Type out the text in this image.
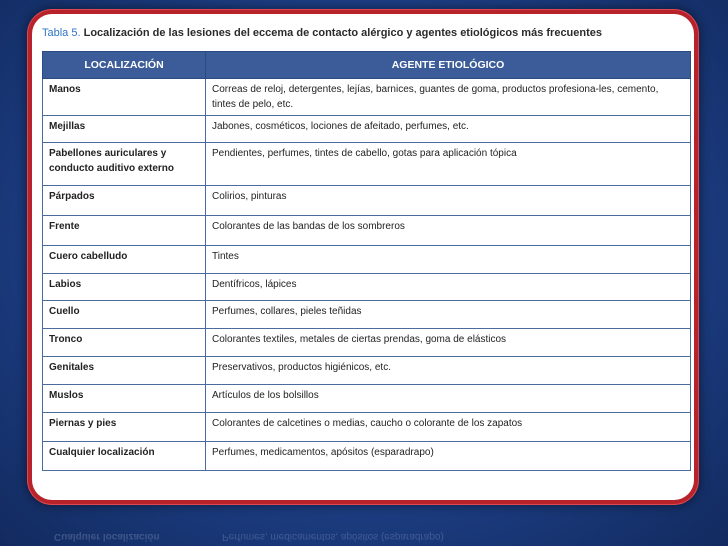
Tabla 5. Localización de las lesiones del eccema de contacto alérgico y agentes etiológicos más frecuentes
LOCALIZACIÓN	AGENTE ETIOLÓGICO
Manos	Correas de reloj, detergentes, lejías, barnices, guantes de goma, productos profesiona-les, cemento, tintes de pelo, etc.
Mejillas	Jabones, cosméticos, lociones de afeitado, perfumes, etc.
Pabellones auriculares y conducto auditivo externo	Pendientes, perfumes, tintes de cabello, gotas para aplicación tópica
Párpados	Colirios, pinturas
Frente	Colorantes de las bandas de los sombreros
Cuero cabelludo	Tintes
Labios	Dentífricos, lápices
Cuello	Perfumes, collares, pieles teñidas
Tronco	Colorantes textiles, metales de ciertas prendas, goma de elásticos
Genitales	Preservativos, productos higiénicos, etc.
Muslos	Artículos de los bolsillos
Piernas y pies	Colorantes de calcetines o medias, caucho o colorante de los zapatos
Cualquier localización	Perfumes, medicamentos, apósitos (esparadrapo)
Cualquier localización	Perfumes, medicamentos, apósitos (esparadrapo)
